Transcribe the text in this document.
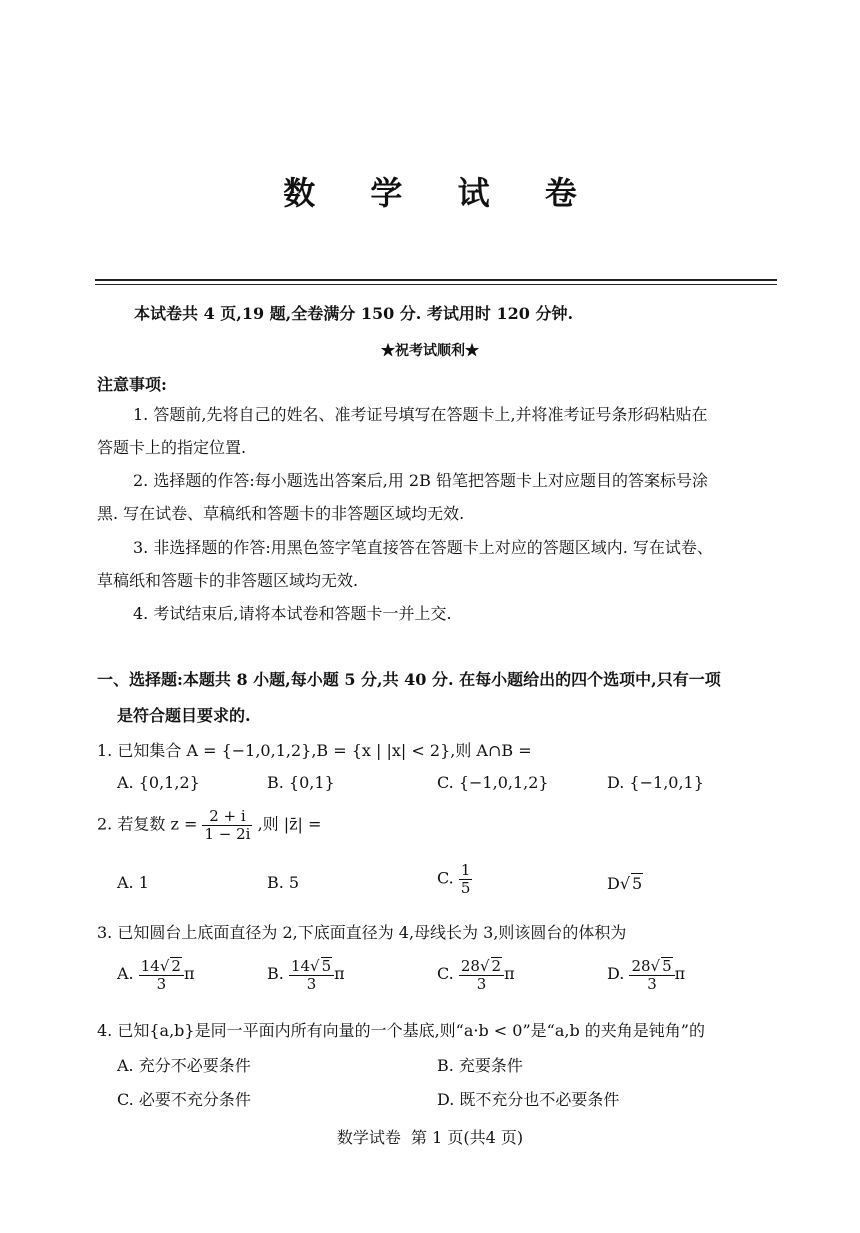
数 学 试 卷
本试卷共 4 页,19 题,全卷满分 150 分. 考试用时 120 分钟.
★祝考试顺利★
注意事项:
1. 答题前,先将自己的姓名、准考证号填写在答题卡上,并将准考证号条形码粘贴在
答题卡上的指定位置.
2. 选择题的作答:每小题选出答案后,用 2B 铅笔把答题卡上对应题目的答案标号涂
黑. 写在试卷、草稿纸和答题卡的非答题区域均无效.
3. 非选择题的作答:用黑色签字笔直接答在答题卡上对应的答题区域内. 写在试卷、
草稿纸和答题卡的非答题区域均无效.
4. 考试结束后,请将本试卷和答题卡一并上交.
一、选择题:本题共 8 小题,每小题 5 分,共 40 分. 在每小题给出的四个选项中,只有一项
是符合题目要求的.
1. 已知集合 A = {−1,0,1,2},B = {x | |x| < 2},则 A∩B =
A. {0,1,2}	B. {0,1}	C. {−1,0,1,2}	D. {−1,0,1}
2. 若复数 $z = \frac{2 + i}{1 - 2i}$ ,则 |z̄| =
A. 1	B. 5	C. $\frac{1}{5}$	D√ 5
3. 已知圆台上底面直径为 2,下底面直径为 4,母线长为 3,则该圆台的体积为
A. $\frac{14√ 2}{3}$ π	B. $\frac{14√ 5}{3}$ π	C. $\frac{28√ 2}{3}$ π	D. $\frac{28√ 5}{3}$ π
4. 已知{a,b}是同一平面内所有向量的一个基底,则“a·b < 0”是“a,b 的夹角是钝角”的
A. 充分不必要条件	B. 充要条件
C. 必要不充分条件	D. 既不充分也不必要条件
数学试卷  第 1 页(共4 页)
